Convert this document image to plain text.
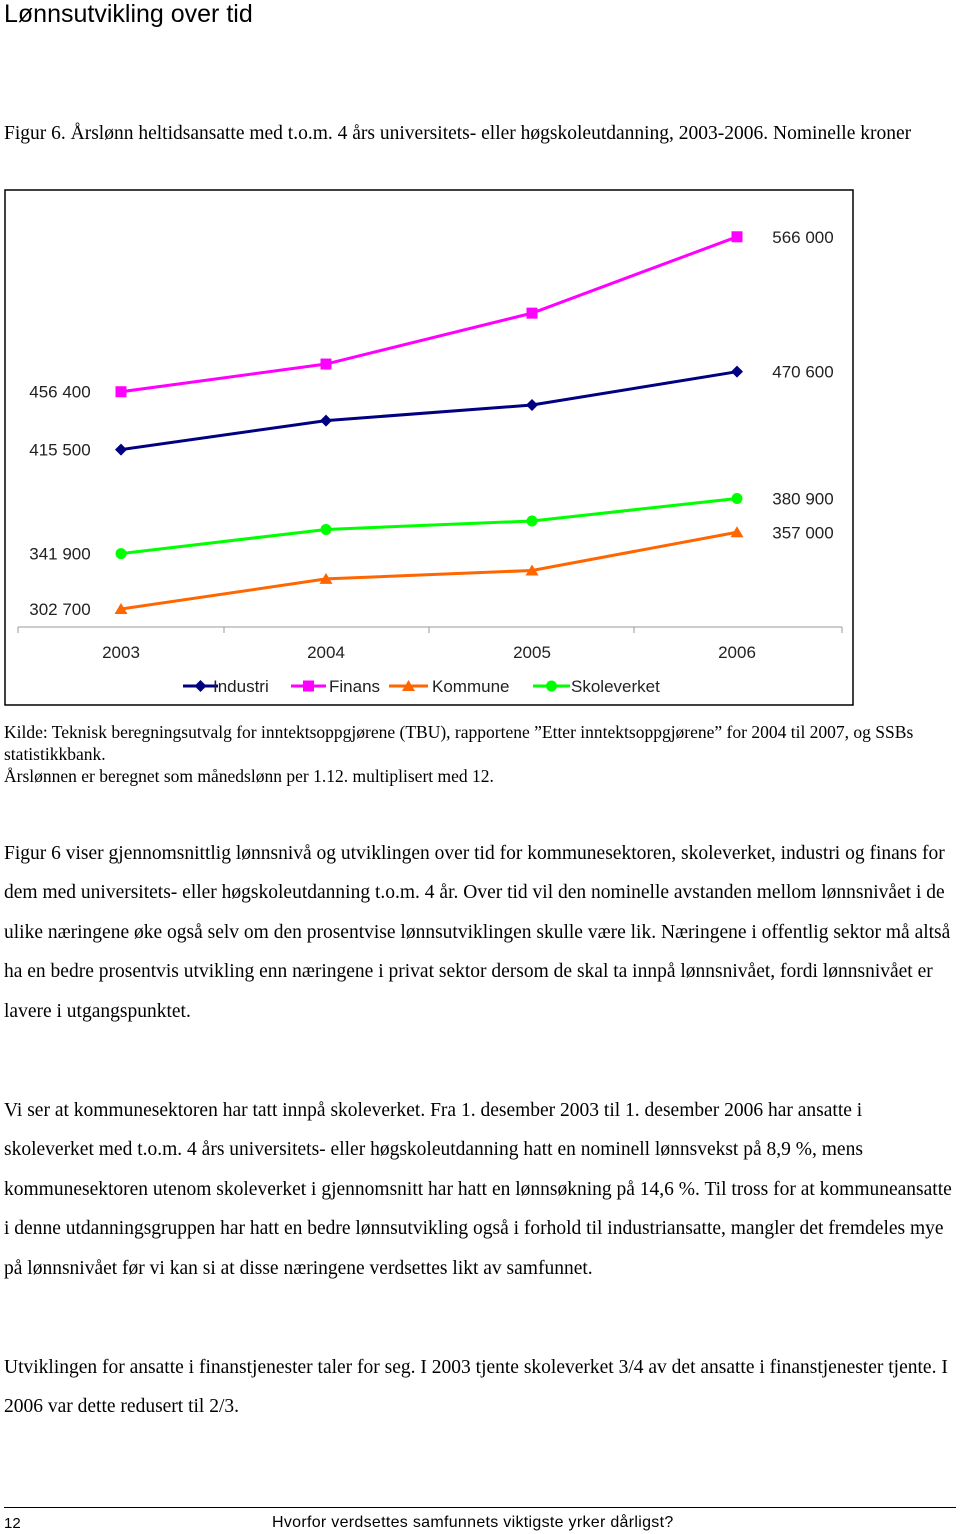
Lønnsutvikling over tid
Figur 6. Årslønn heltidsansatte med t.o.m. 4 års universitets- eller høgskoleutdanning, 2003-2006. Nominelle kroner
2003	2004	2005	2006
415 500
470 600
456 400
566 000
302 700
357 000
341 900
380 900
Industri	Finans	Kommune	Skoleverket

Kilde: Teknisk beregningsutvalg for inntektsoppgjørene (TBU), rapportene ”Etter inntektsoppgjørene” for 2004 til 2007, og SSBs statistikkbank.

Årslønnen er beregnet som månedslønn per 1.12. multiplisert med 12.

Figur 6 viser gjennomsnittlig lønnsnivå og utviklingen over tid for kommunesektoren, skoleverket, industri og finans for dem med universitets- eller høgskoleutdanning t.o.m. 4 år. Over tid vil den nominelle avstanden mellom lønnsnivået i de ulike næringene øke også selv om den prosentvise lønnsutviklingen skulle være lik. Næringene i offentlig sektor må altså ha en bedre prosentvis utvikling enn næringene i privat sektor dersom de skal ta innpå lønnsnivået, fordi lønnsnivået er lavere i utgangspunktet.

Vi ser at kommunesektoren har tatt innpå skoleverket. Fra 1. desember 2003 til 1. desember 2006 har ansatte i skoleverket med t.o.m. 4 års universitets- eller høgskoleutdanning hatt en nominell lønnsvekst på 8,9 %, mens kommunesektoren utenom skoleverket i gjennomsnitt har hatt en lønnsøkning på 14,6 %. Til tross for at kommuneansatte i denne utdanningsgruppen har hatt en bedre lønnsutvikling også i forhold til industriansatte, mangler det fremdeles mye på lønnsnivået før vi kan si at disse næringene verdsettes likt av samfunnet.

Utviklingen for ansatte i finanstjenester taler for seg. I 2003 tjente skoleverket 3/4 av det ansatte i finanstjenester tjente. I 2006 var dette redusert til 2/3.

12	Hvorfor verdsettes samfunnets viktigste yrker dårligst?
